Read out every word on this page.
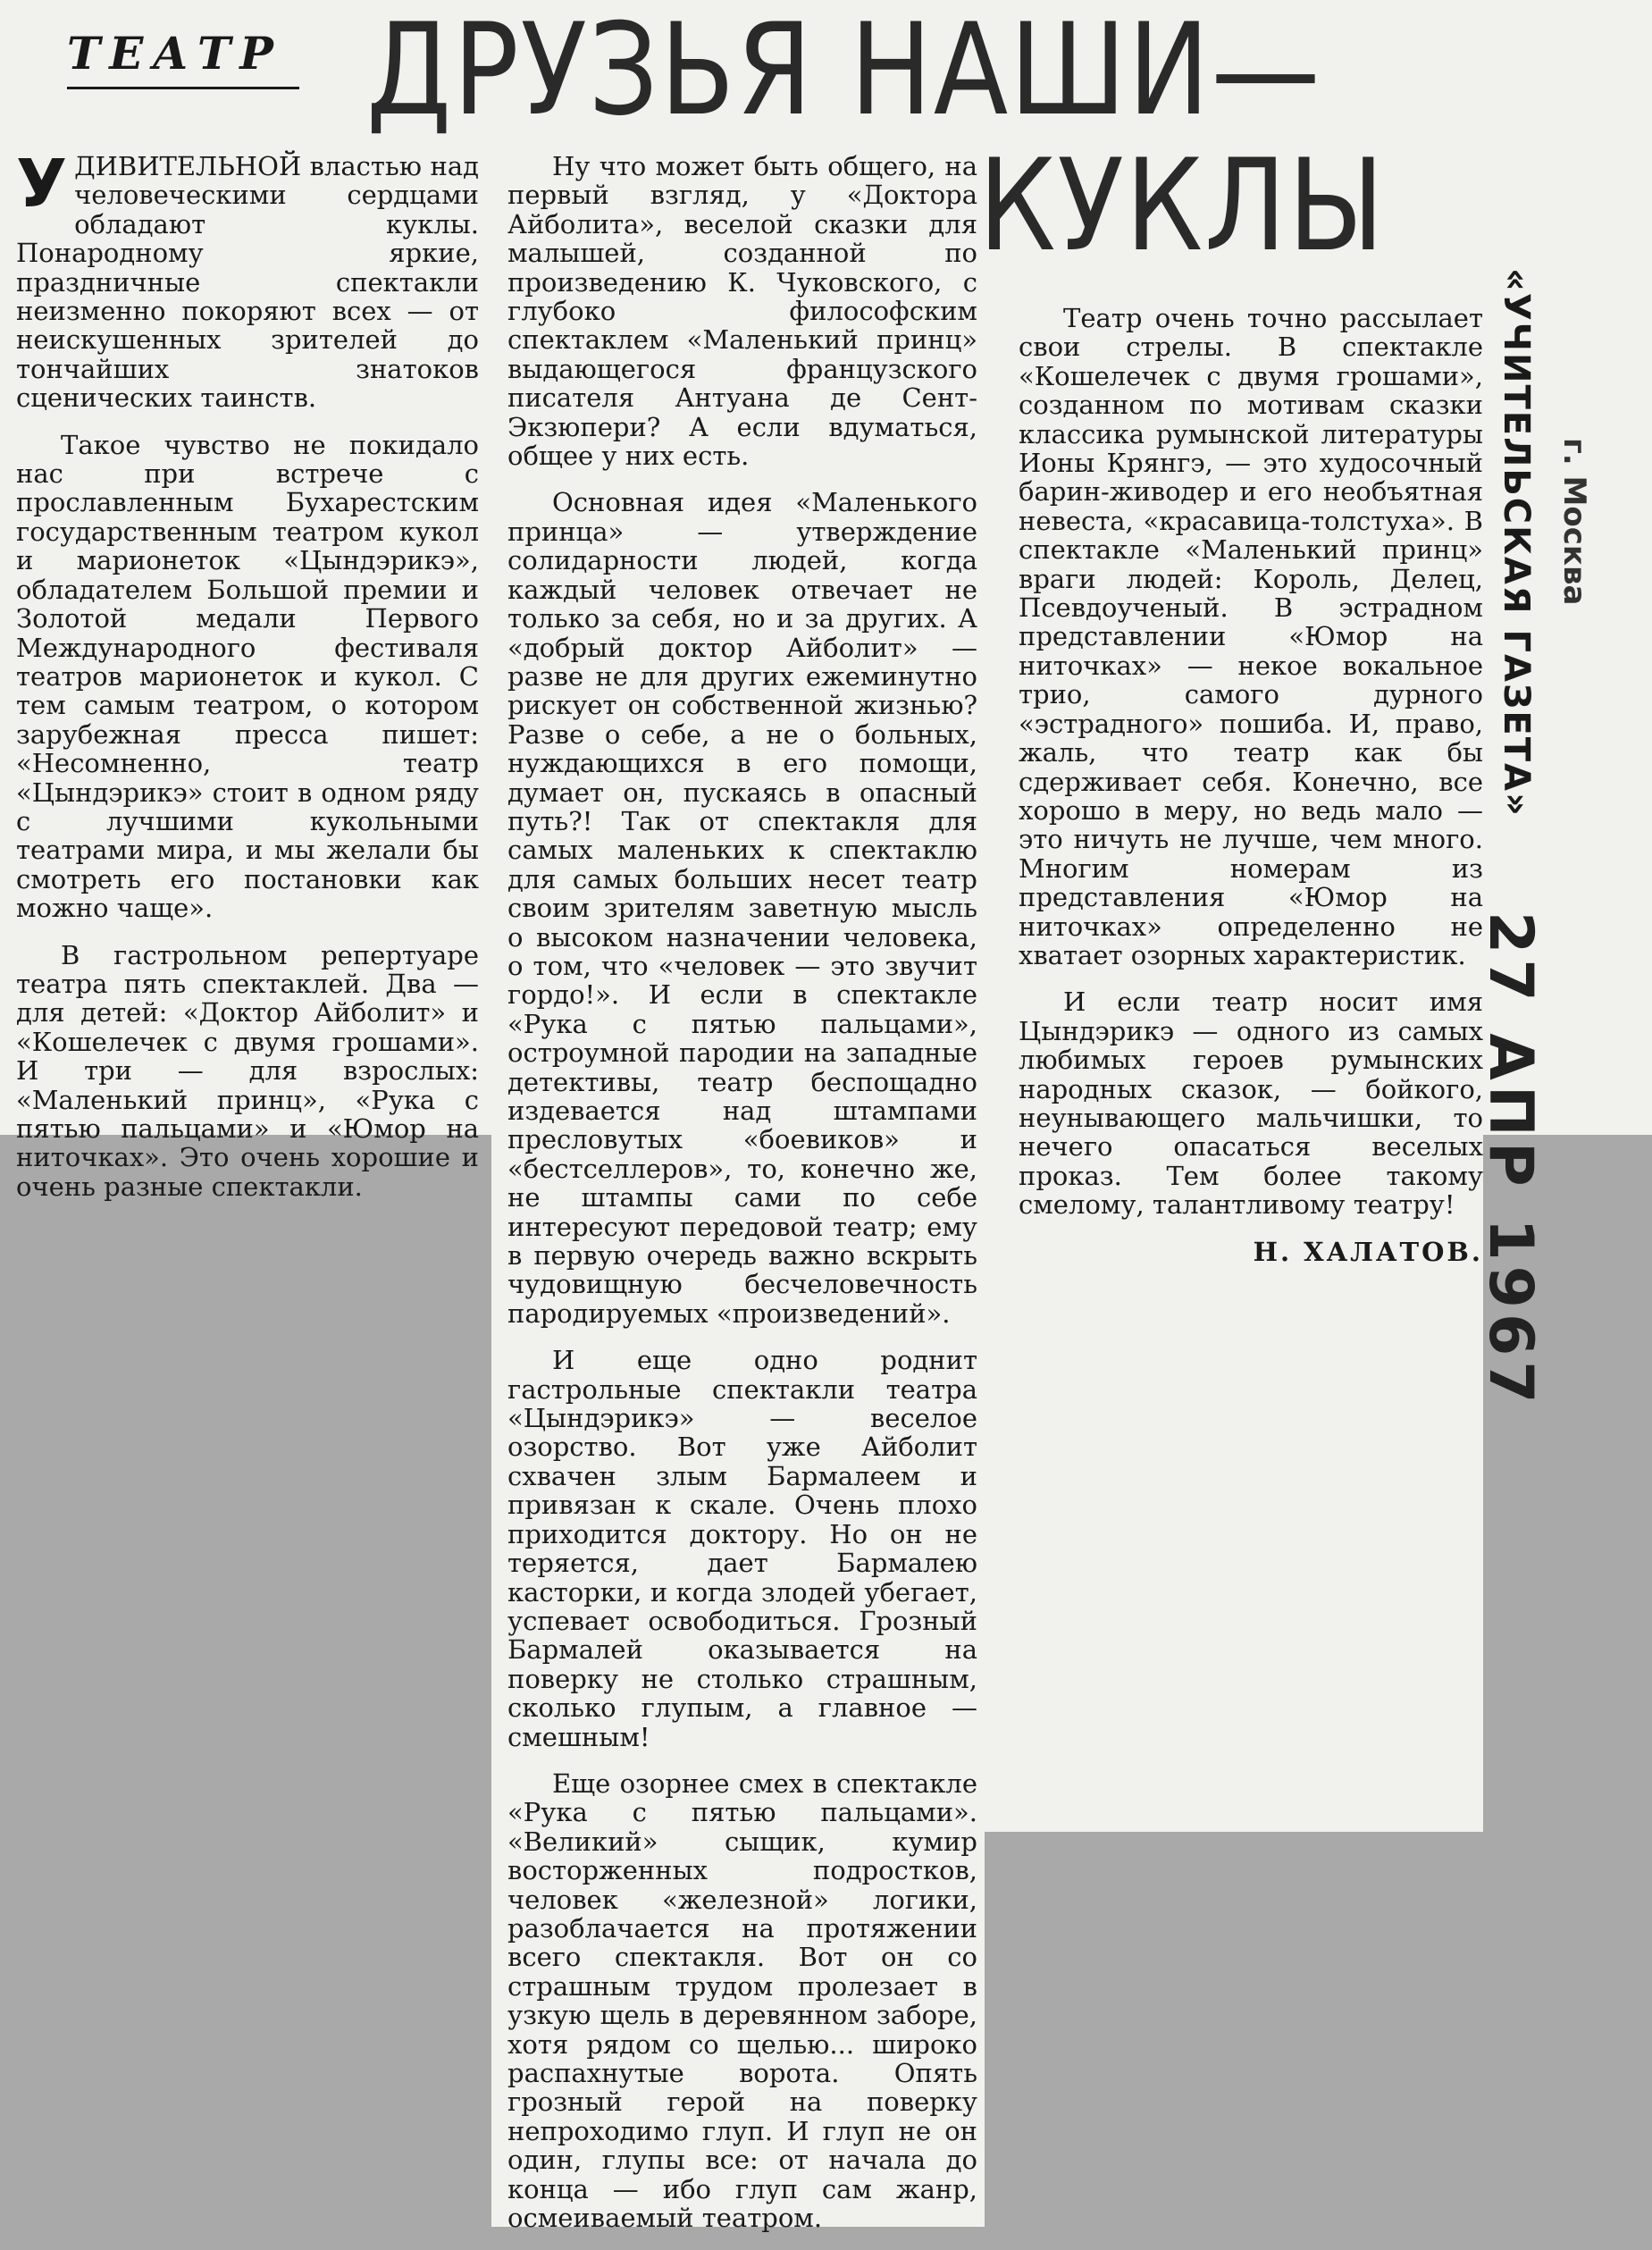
ТЕАТР ДРУЗЬЯ НАШИ—
КУКЛЫ

УДИВИТЕЛЬНОЙ властью над человеческими сердцами обладают куклы. Понародному яркие, праздничные спектакли неизменно покоряют всех — от неискушенных зрителей до тончайших знатоков сценических таинств.

Такое чувство не покидало нас при встрече с прославленным Бухарестским государственным театром кукол и марионеток «Цындэрикэ», обладателем Большой премии и Золотой медали Первого Международного фестиваля театров марионеток и кукол. С тем самым театром, о котором зарубежная пресса пишет: «Несомненно, театр «Цындэрикэ» стоит в одном ряду с лучшими кукольными театрами мира, и мы желали бы смотреть его постановки как можно чаще».

В гастрольном репертуаре театра пять спектаклей. Два — для детей: «Доктор Айболит» и «Кошелечек с двумя грошами». И три — для взрослых: «Маленький принц», «Рука с пятью пальцами» и «Юмор на ниточках». Это очень хорошие и очень разные спектакли.

Ну что может быть общего, на первый взгляд, у «Доктора Айболита», веселой сказки для малышей, созданной по произведению К. Чуковского, с глубоко философским спектаклем «Маленький принц» выдающегося французского писателя Антуана де Сент-Экзюпери? А если вдуматься, общее у них есть.

Основная идея «Маленького принца» — утверждение солидарности людей, когда каждый человек отвечает не только за себя, но и за других. А «добрый доктор Айболит» — разве не для других ежеминутно рискует он собственной жизнью? Разве о себе, а не о больных, нуждающихся в его помощи, думает он, пускаясь в опасный путь?! Так от спектакля для самых маленьких к спектаклю для самых больших несет театр своим зрителям заветную мысль о высоком назначении человека, о том, что «человек — это звучит гордо!». И если в спектакле «Рука с пятью пальцами», остроумной пародии на западные детективы, театр беспощадно издевается над штампами пресловутых «боевиков» и «бестселлеров», то, конечно же, не штампы сами по себе интересуют передовой театр; ему в первую очередь важно вскрыть чудовищную бесчеловечность пародируемых «произведений».

И еще одно роднит гастрольные спектакли театра «Цындэрикэ» — веселое озорство. Вот уже Айболит схвачен злым Бармалеем и привязан к скале. Очень плохо приходится доктору. Но он не теряется, дает Бармалею касторки, и когда злодей убегает, успевает освободиться. Грозный Бармалей оказывается на поверку не столько страшным, сколько глупым, а главное — смешным!

Еще озорнее смех в спектакле «Рука с пятью пальцами». «Великий» сыщик, кумир восторженных подростков, человек «железной» логики, разоблачается на протяжении всего спектакля. Вот он со страшным трудом пролезает в узкую щель в деревянном заборе, хотя рядом со щелью... широко распахнутые ворота. Опять грозный герой на поверку непроходимо глуп. И глуп не он один, глупы все: от начала до конца — ибо глуп сам жанр, осмеиваемый театром.

Театр очень точно рассылает свои стрелы. В спектакле «Кошелечек с двумя грошами», созданном по мотивам сказки классика румынской литературы Ионы Крянгэ, — это худосочный барин-живодер и его необъятная невеста, «красавица-толстуха». В спектакле «Маленький принц» враги людей: Король, Делец, Псевдоученый. В эстрадном представлении «Юмор на ниточках» — некое вокальное трио, самого дурного «эстрадного» пошиба. И, право, жаль, что театр как бы сдерживает себя. Конечно, все хорошо в меру, но ведь мало — это ничуть не лучше, чем много. Многим номерам из представления «Юмор на ниточках» определенно не хватает озорных характеристик.

И если театр носит имя Цындэрикэ — одного из самых любимых героев румынских народных сказок, — бойкого, неунывающего мальчишки, то нечего опасаться веселых проказ. Тем более такому смелому, талантливому театру!

Н. ХАЛАТОВ.
«УЧИТЕЛЬСКАЯ ГАЗЕТА» г. Москва
27 АПР 1967
